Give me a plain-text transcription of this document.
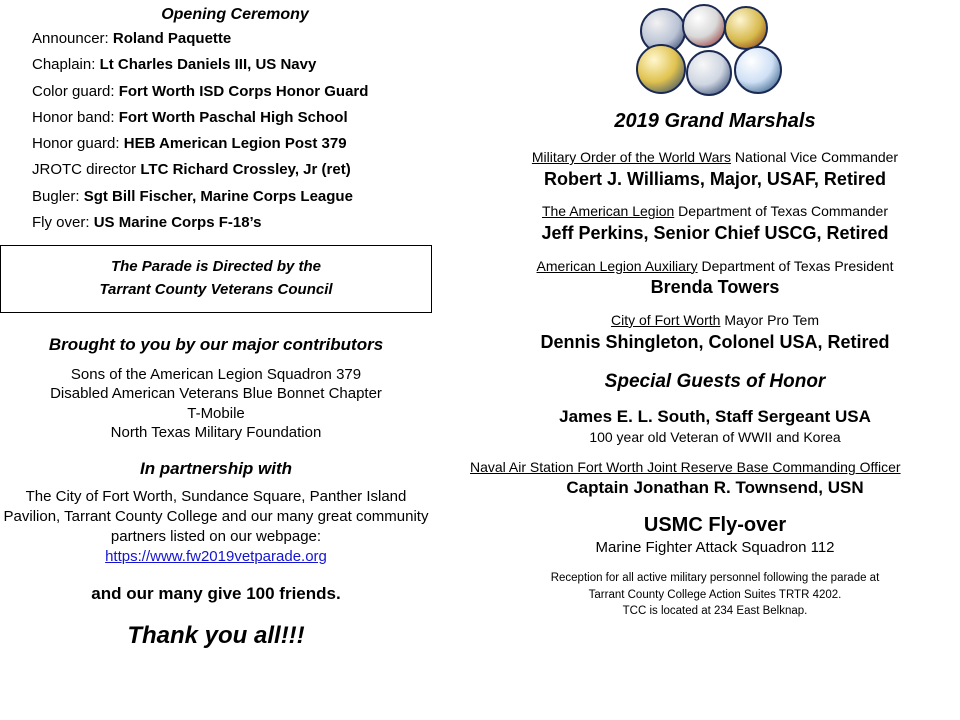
Opening Ceremony
Announcer: Roland Paquette
Chaplain: Lt Charles Daniels III, US Navy
Color guard: Fort Worth ISD Corps Honor Guard
Honor band: Fort Worth Paschal High School
Honor guard: HEB American Legion Post 379
JROTC director LTC Richard Crossley, Jr (ret)
Bugler: Sgt Bill Fischer, Marine Corps League
Fly over: US Marine Corps F-18’s
The Parade is Directed by the
Tarrant County Veterans Council
Brought to you by our major contributors
Sons of the American Legion Squadron 379
Disabled American Veterans Blue Bonnet Chapter
T-Mobile
North Texas Military Foundation
In partnership with
The City of Fort Worth, Sundance Square, Panther Island Pavilion, Tarrant County College and our many great community partners listed on our webpage: https://www.fw2019vetparade.org
and our many give 100 friends.
Thank you all!!!
2019 Grand Marshals
Military Order of the World Wars National Vice Commander
Robert J. Williams, Major, USAF, Retired
The American Legion Department of Texas Commander
Jeff Perkins, Senior Chief USCG, Retired
American Legion Auxiliary Department of Texas President
Brenda Towers
City of Fort Worth Mayor Pro Tem
Dennis Shingleton, Colonel USA, Retired
Special Guests of Honor
James E. L. South, Staff Sergeant USA
100 year old Veteran of WWII and Korea
Naval Air Station Fort Worth Joint Reserve Base Commanding Officer
Captain Jonathan R. Townsend, USN
USMC Fly-over
Marine Fighter Attack Squadron 112
Reception for all active military personnel following the parade at
Tarrant County College Action Suites TRTR 4202.
TCC is located at 234 East Belknap.
